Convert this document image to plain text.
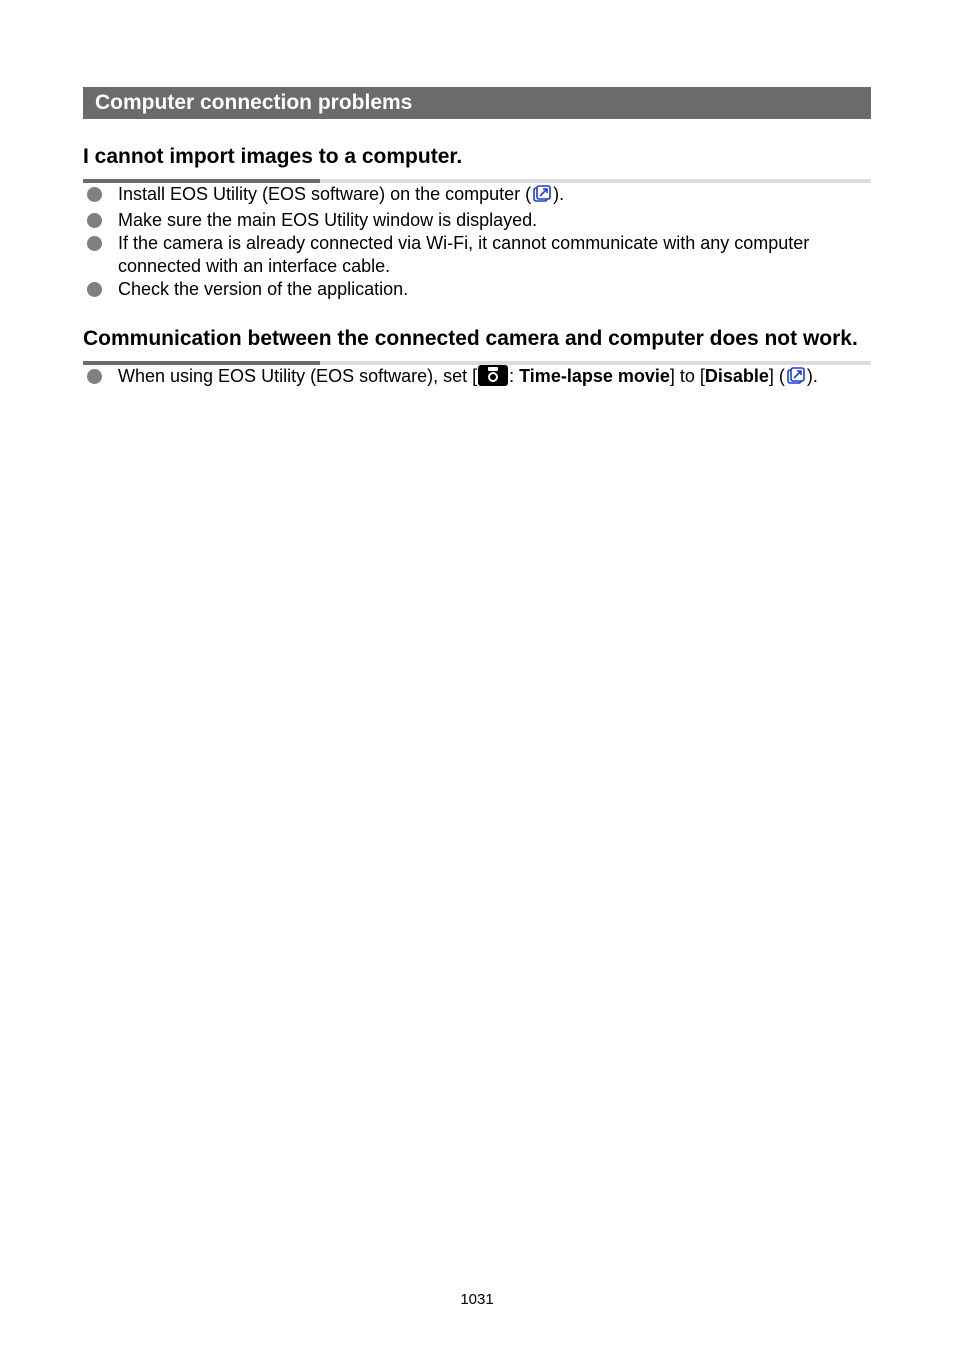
Computer connection problems
I cannot import images to a computer.
Install EOS Utility (EOS software) on the computer ( ).
Make sure the main EOS Utility window is displayed.
If the camera is already connected via Wi-Fi, it cannot communicate with any computer connected with an interface cable.
Check the version of the application.
Communication between the connected camera and computer does not work.
When using EOS Utility (EOS software), set [ : Time-lapse movie] to [Disable] ( ).
1031
